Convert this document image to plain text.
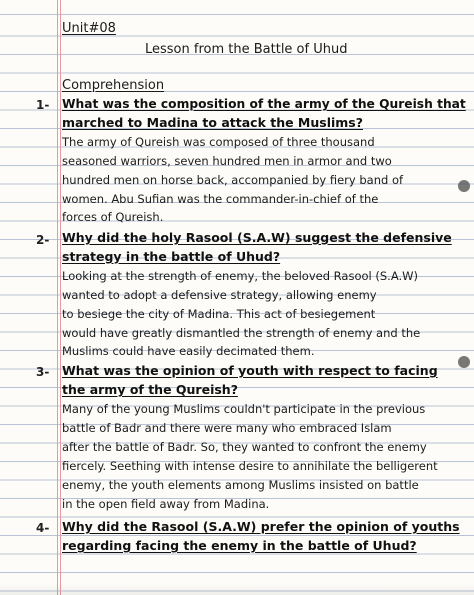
Unit#08
Lesson from the Battle of Uhud
Comprehension
1- What was the composition of the army of the Qureish that
marched to Madina to attack the Muslims?
The army of Qureish was composed of three thousand
seasoned warriors, seven hundred men in armor and two
hundred men on horse back, accompanied by fiery band of
women. Abu Sufian was the commander-in-chief of the
forces of Qureish.
2- Why did the holy Rasool (S.A.W) suggest the defensive
strategy in the battle of Uhud?
Looking at the strength of enemy, the beloved Rasool (S.A.W)
wanted to adopt a defensive strategy, allowing enemy
to besiege the city of Madina. This act of besiegement
would have greatly dismantled the strength of enemy and the
Muslims could have easily decimated them.
3- What was the opinion of youth with respect to facing
the army of the Qureish?
Many of the young Muslims couldn't participate in the previous
battle of Badr and there were many who embraced Islam
after the battle of Badr. So, they wanted to confront the enemy
fiercely. Seething with intense desire to annihilate the belligerent
enemy, the youth elements among Muslims insisted on battle
in the open field away from Madina.
4- Why did the Rasool (S.A.W) prefer the opinion of youths
regarding facing the enemy in the battle of Uhud?
